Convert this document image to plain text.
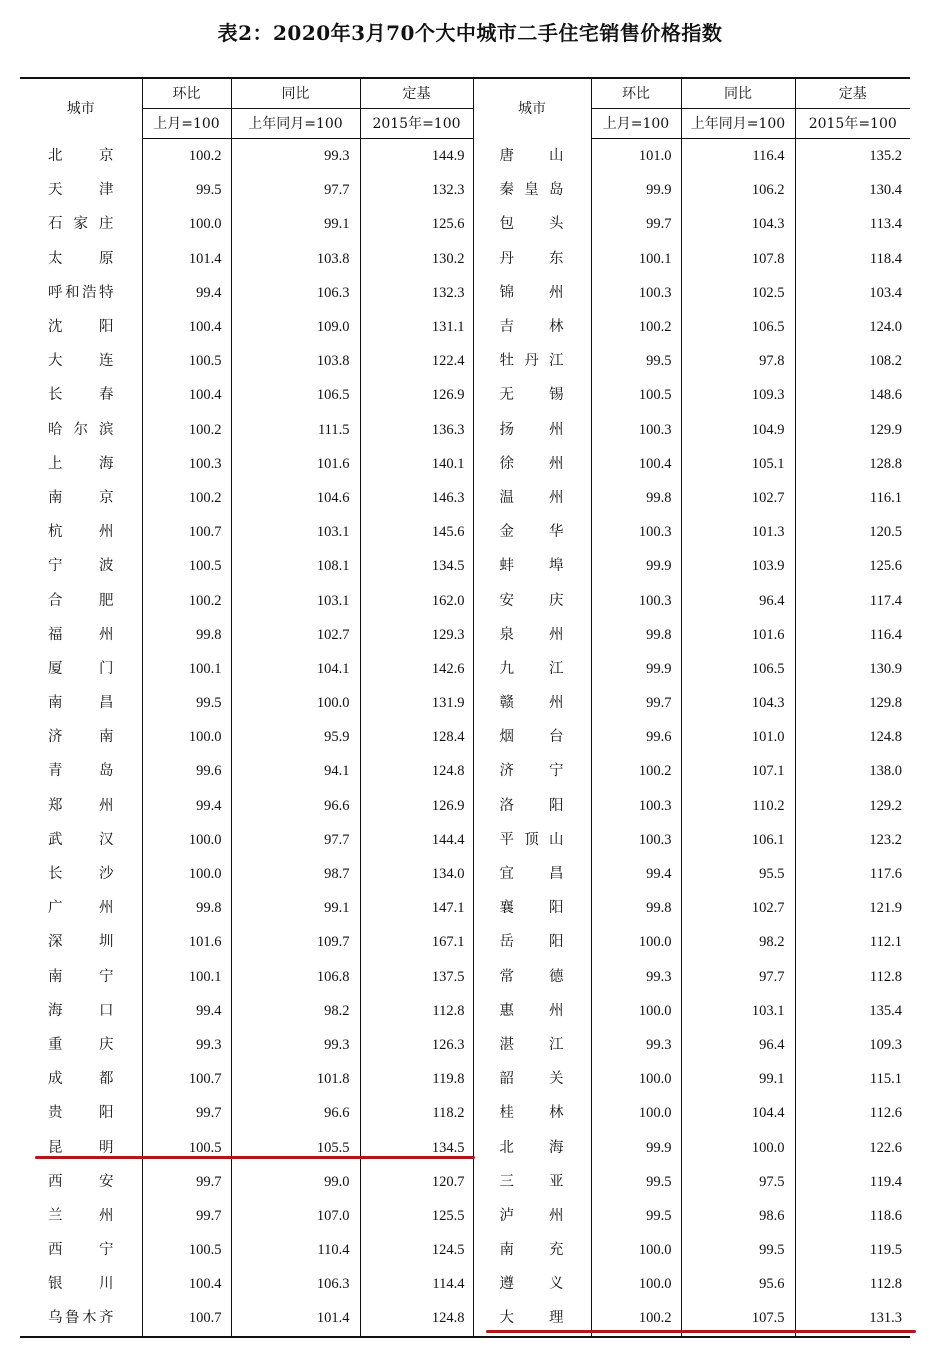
表2：2020年3月70个大中城市二手住宅销售价格指数
城市	环比	同比	定基	城市	环比	同比	定基
	上月=100	上年同月=100	2015年=100		上月=100	上年同月=100	2015年=100
北京	100.2	99.3	144.9	唐山	101.0	116.4	135.2
天津	99.5	97.7	132.3	秦皇岛	99.9	106.2	130.4
石家庄	100.0	99.1	125.6	包头	99.7	104.3	113.4
太原	101.4	103.8	130.2	丹东	100.1	107.8	118.4
呼和浩特	99.4	106.3	132.3	锦州	100.3	102.5	103.4
沈阳	100.4	109.0	131.1	吉林	100.2	106.5	124.0
大连	100.5	103.8	122.4	牡丹江	99.5	97.8	108.2
长春	100.4	106.5	126.9	无锡	100.5	109.3	148.6
哈尔滨	100.2	111.5	136.3	扬州	100.3	104.9	129.9
上海	100.3	101.6	140.1	徐州	100.4	105.1	128.8
南京	100.2	104.6	146.3	温州	99.8	102.7	116.1
杭州	100.7	103.1	145.6	金华	100.3	101.3	120.5
宁波	100.5	108.1	134.5	蚌埠	99.9	103.9	125.6
合肥	100.2	103.1	162.0	安庆	100.3	96.4	117.4
福州	99.8	102.7	129.3	泉州	99.8	101.6	116.4
厦门	100.1	104.1	142.6	九江	99.9	106.5	130.9
南昌	99.5	100.0	131.9	赣州	99.7	104.3	129.8
济南	100.0	95.9	128.4	烟台	99.6	101.0	124.8
青岛	99.6	94.1	124.8	济宁	100.2	107.1	138.0
郑州	99.4	96.6	126.9	洛阳	100.3	110.2	129.2
武汉	100.0	97.7	144.4	平顶山	100.3	106.1	123.2
长沙	100.0	98.7	134.0	宜昌	99.4	95.5	117.6
广州	99.8	99.1	147.1	襄阳	99.8	102.7	121.9
深圳	101.6	109.7	167.1	岳阳	100.0	98.2	112.1
南宁	100.1	106.8	137.5	常德	99.3	97.7	112.8
海口	99.4	98.2	112.8	惠州	100.0	103.1	135.4
重庆	99.3	99.3	126.3	湛江	99.3	96.4	109.3
成都	100.7	101.8	119.8	韶关	100.0	99.1	115.1
贵阳	99.7	96.6	118.2	桂林	100.0	104.4	112.6
昆明	100.5	105.5	134.5	北海	99.9	100.0	122.6
西安	99.7	99.0	120.7	三亚	99.5	97.5	119.4
兰州	99.7	107.0	125.5	泸州	99.5	98.6	118.6
西宁	100.5	110.4	124.5	南充	100.0	99.5	119.5
银川	100.4	106.3	114.4	遵义	100.0	95.6	112.8
乌鲁木齐	100.7	101.4	124.8	大理	100.2	107.5	131.3
